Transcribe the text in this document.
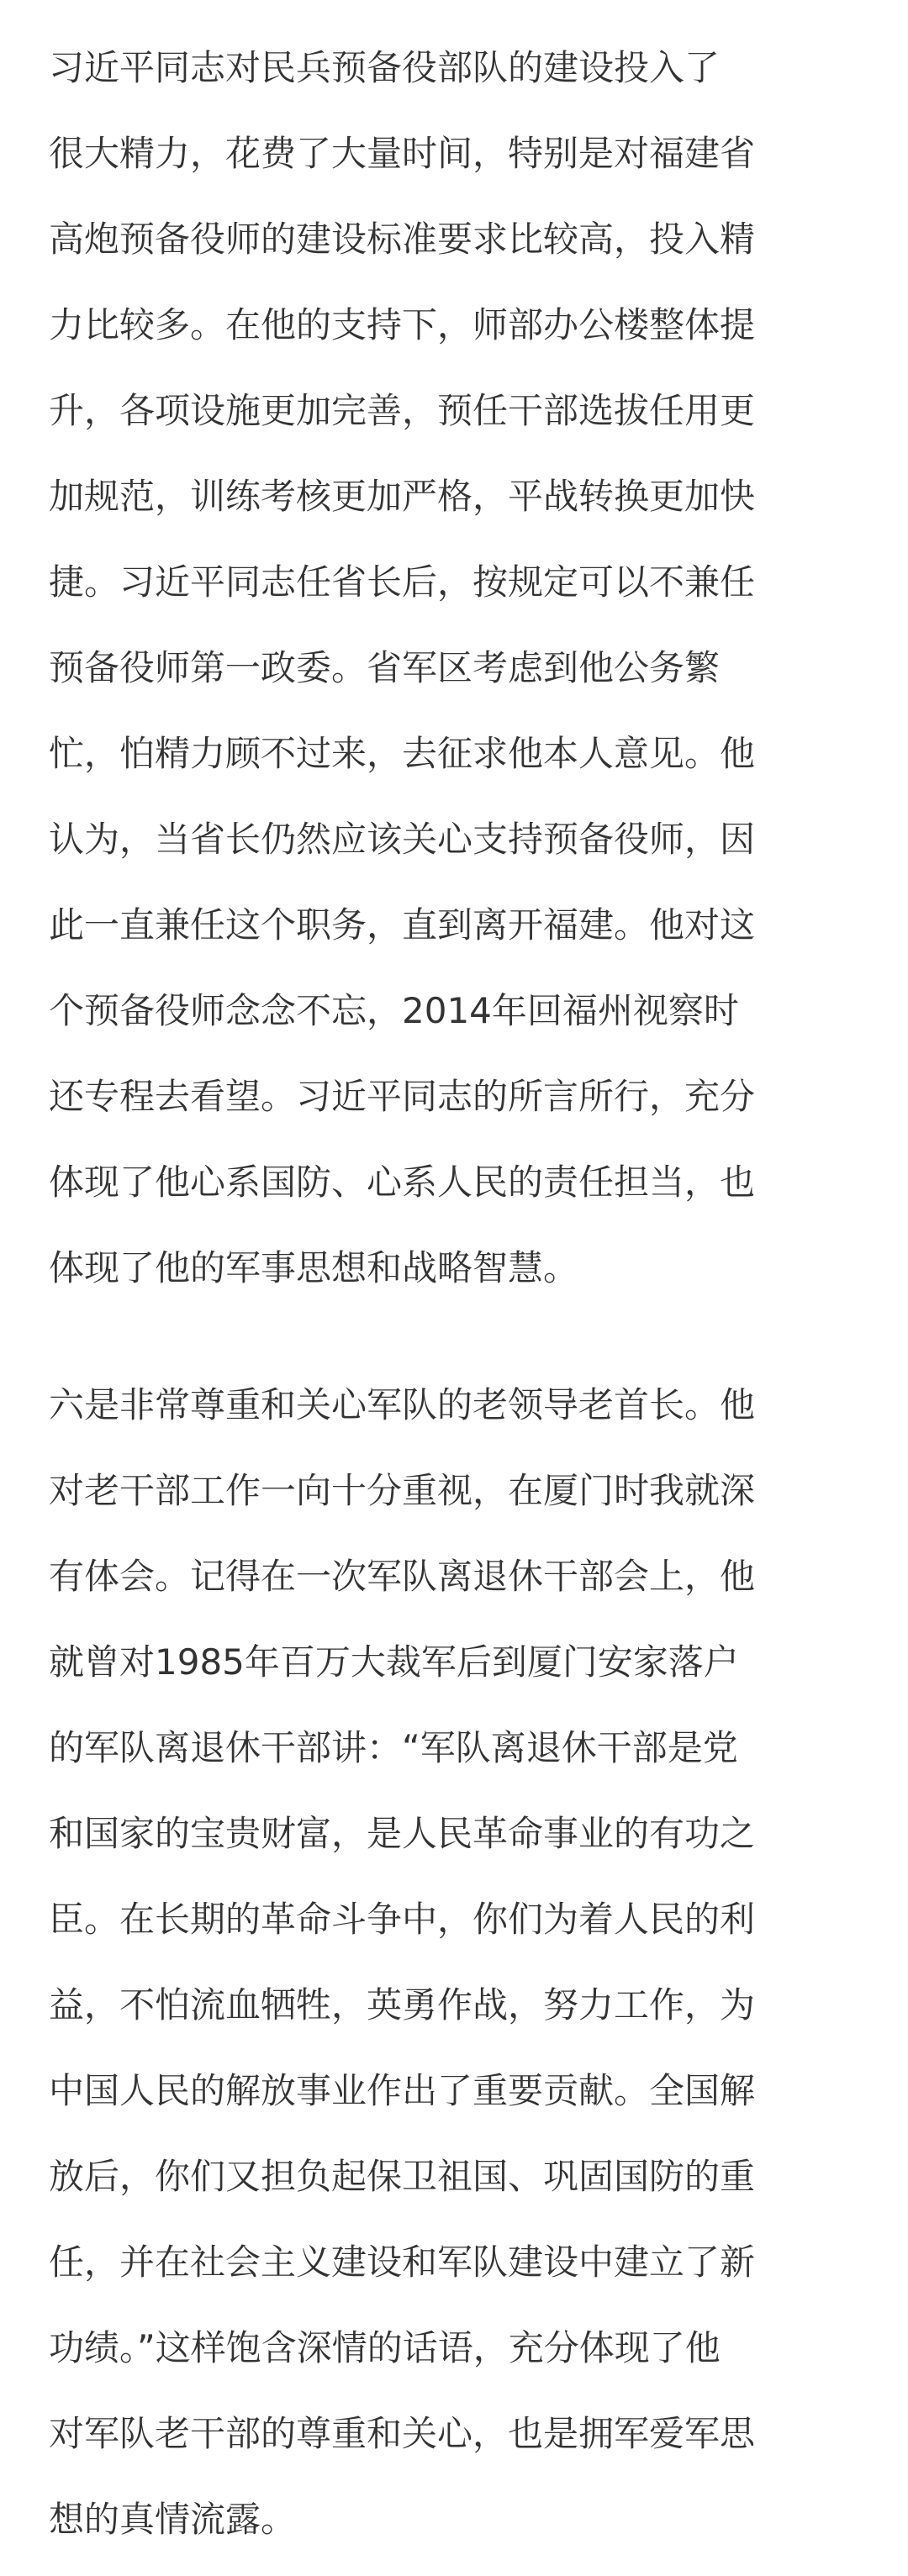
习近平同志对民兵预备役部队的建设投入了
很大精力，花费了大量时间，特别是对福建省
高炮预备役师的建设标准要求比较高，投入精
力比较多。在他的支持下，师部办公楼整体提
升，各项设施更加完善，预任干部选拔任用更
加规范，训练考核更加严格，平战转换更加快
捷。习近平同志任省长后，按规定可以不兼任
预备役师第一政委。省军区考虑到他公务繁
忙，怕精力顾不过来，去征求他本人意见。他
认为，当省长仍然应该关心支持预备役师，因
此一直兼任这个职务，直到离开福建。他对这
个预备役师念念不忘，2014年回福州视察时
还专程去看望。习近平同志的所言所行，充分
体现了他心系国防、心系人民的责任担当，也
体现了他的军事思想和战略智慧。
六是非常尊重和关心军队的老领导老首长。他
对老干部工作一向十分重视，在厦门时我就深
有体会。记得在一次军队离退休干部会上，他
就曾对1985年百万大裁军后到厦门安家落户
的军队离退休干部讲：“军队离退休干部是党
和国家的宝贵财富，是人民革命事业的有功之
臣。在长期的革命斗争中，你们为着人民的利
益，不怕流血牺牲，英勇作战，努力工作，为
中国人民的解放事业作出了重要贡献。全国解
放后，你们又担负起保卫祖国、巩固国防的重
任，并在社会主义建设和军队建设中建立了新
功绩。”这样饱含深情的话语，充分体现了他
对军队老干部的尊重和关心，也是拥军爱军思
想的真情流露。
